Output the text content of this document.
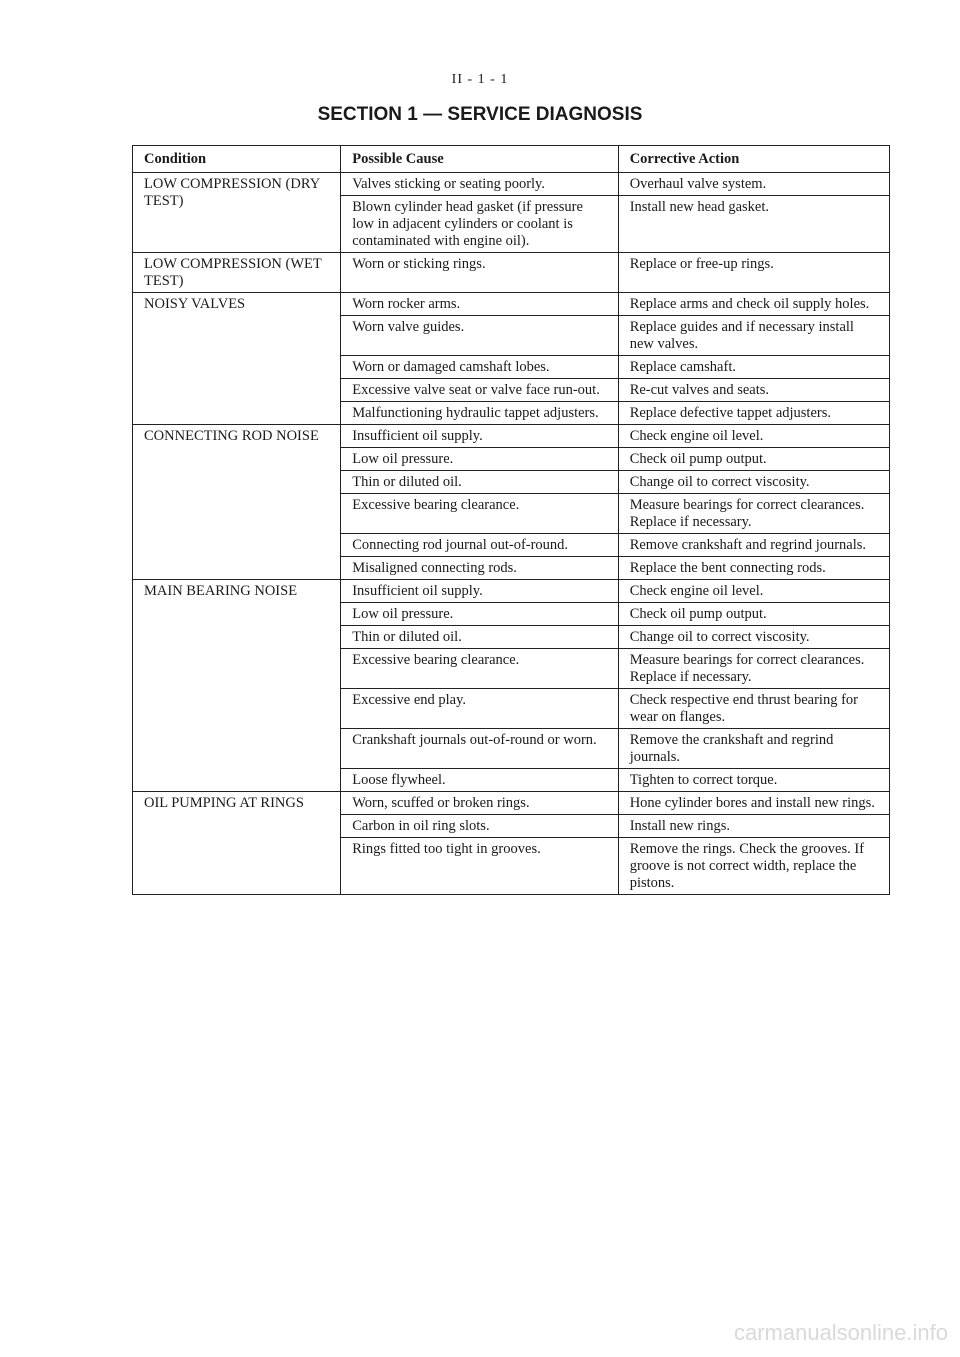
II - 1 - 1
SECTION 1 — SERVICE DIAGNOSIS
Condition	Possible Cause	Corrective Action
LOW COMPRESSION (DRY TEST)	Valves sticking or seating poorly.	Overhaul valve system.
	Blown cylinder head gasket (if pressure low in adjacent cylinders or coolant is contaminated with engine oil).	Install new head gasket.
LOW COMPRESSION (WET TEST)	Worn or sticking rings.	Replace or free-up rings.
NOISY VALVES	Worn rocker arms.	Replace arms and check oil supply holes.
	Worn valve guides.	Replace guides and if necessary install new valves.
	Worn or damaged camshaft lobes.	Replace camshaft.
	Excessive valve seat or valve face run-out.	Re-cut valves and seats.
	Malfunctioning hydraulic tappet adjusters.	Replace defective tappet adjusters.
CONNECTING ROD NOISE	Insufficient oil supply.	Check engine oil level.
	Low oil pressure.	Check oil pump output.
	Thin or diluted oil.	Change oil to correct viscosity.
	Excessive bearing clearance.	Measure bearings for correct clearances. Replace if necessary.
	Connecting rod journal out-of-round.	Remove crankshaft and regrind journals.
	Misaligned connecting rods.	Replace the bent connecting rods.
MAIN BEARING NOISE	Insufficient oil supply.	Check engine oil level.
	Low oil pressure.	Check oil pump output.
	Thin or diluted oil.	Change oil to correct viscosity.
	Excessive bearing clearance.	Measure bearings for correct clearances. Replace if necessary.
	Excessive end play.	Check respective end thrust bearing for wear on flanges.
	Crankshaft journals out-of-round or worn.	Remove the crankshaft and regrind journals.
	Loose flywheel.	Tighten to correct torque.
OIL PUMPING AT RINGS	Worn, scuffed or broken rings.	Hone cylinder bores and install new rings.
	Carbon in oil ring slots.	Install new rings.
	Rings fitted too tight in grooves.	Remove the rings. Check the grooves. If groove is not correct width, replace the pistons.
carmanualsonline.info
